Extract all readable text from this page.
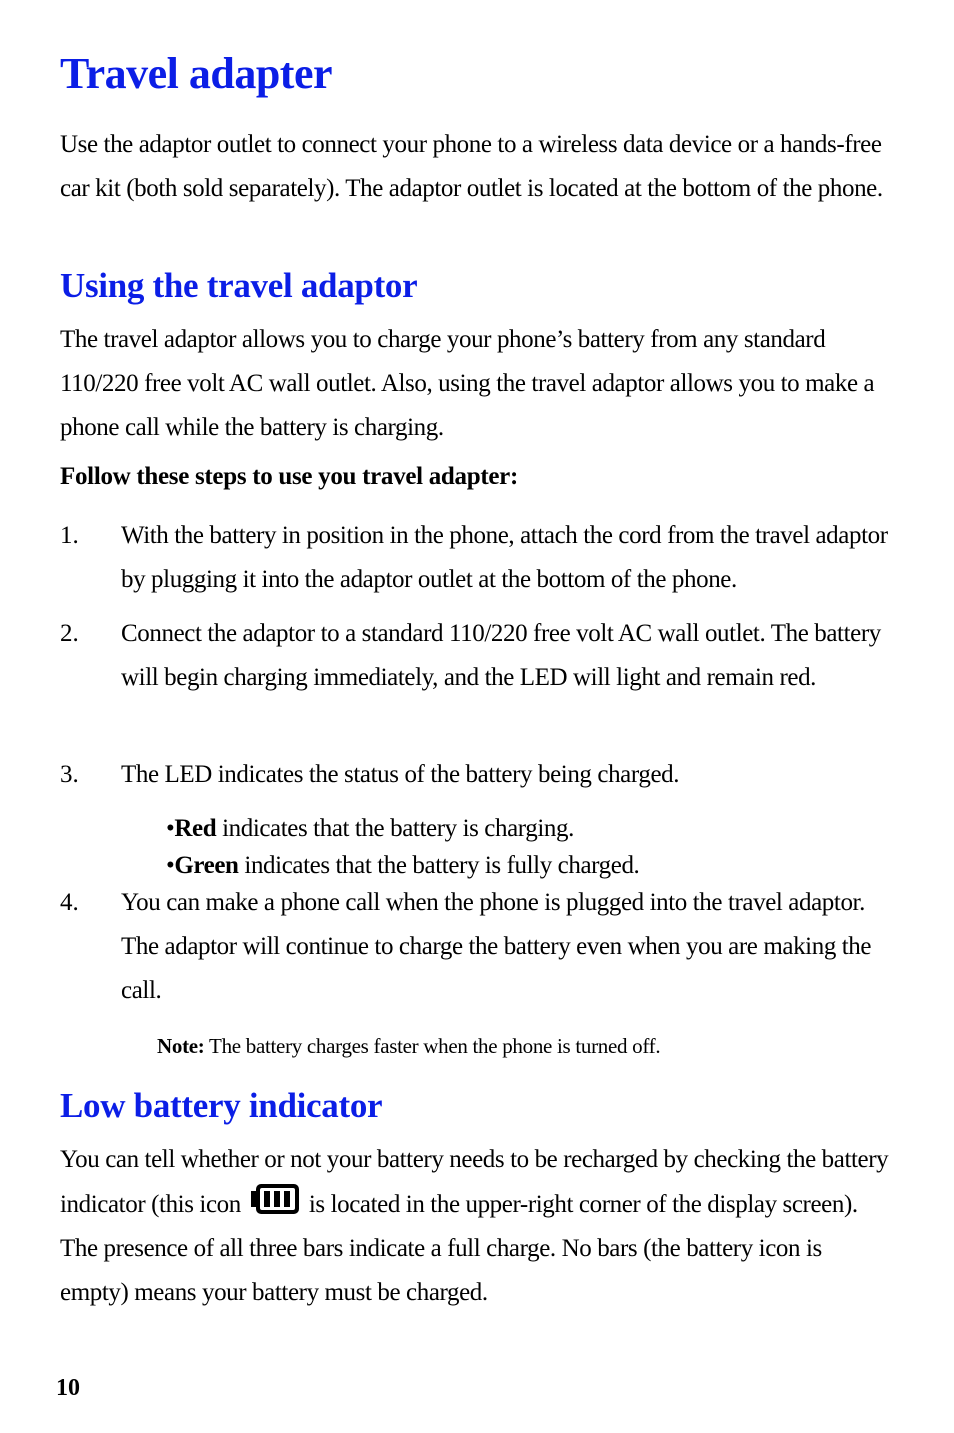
Travel adapter

Use the adaptor outlet to connect your phone to a wireless data device or a hands-free car kit (both sold separately). The adaptor outlet is located at the bottom of the phone.

Using the travel adaptor

The travel adaptor allows you to charge your phone’s battery from any standard 110/220 free volt AC wall outlet. Also, using the travel adaptor allows you to make a phone call while the battery is charging.

Follow these steps to use you travel adapter:

1. With the battery in position in the phone, attach the cord from the travel adaptor by plugging it into the adaptor outlet at the bottom of the phone.
2. Connect the adaptor to a standard 110/220 free volt AC wall outlet. The battery will begin charging immediately, and the LED will light and remain red.
3. The LED indicates the status of the battery being charged.
•Red indicates that the battery is charging.
•Green indicates that the battery is fully charged.
4. You can make a phone call when the phone is plugged into the travel adaptor. The adaptor will continue to charge the battery even when you are making the call.
Note: The battery charges faster when the phone is turned off.
Low battery indicator

You can tell whether or not your battery needs to be recharged by checking the battery indicator (this icon	is located in the upper-right corner of the display screen). The presence of all three bars indicate a full charge. No bars (the battery icon is empty) means your battery must be charged.

10
